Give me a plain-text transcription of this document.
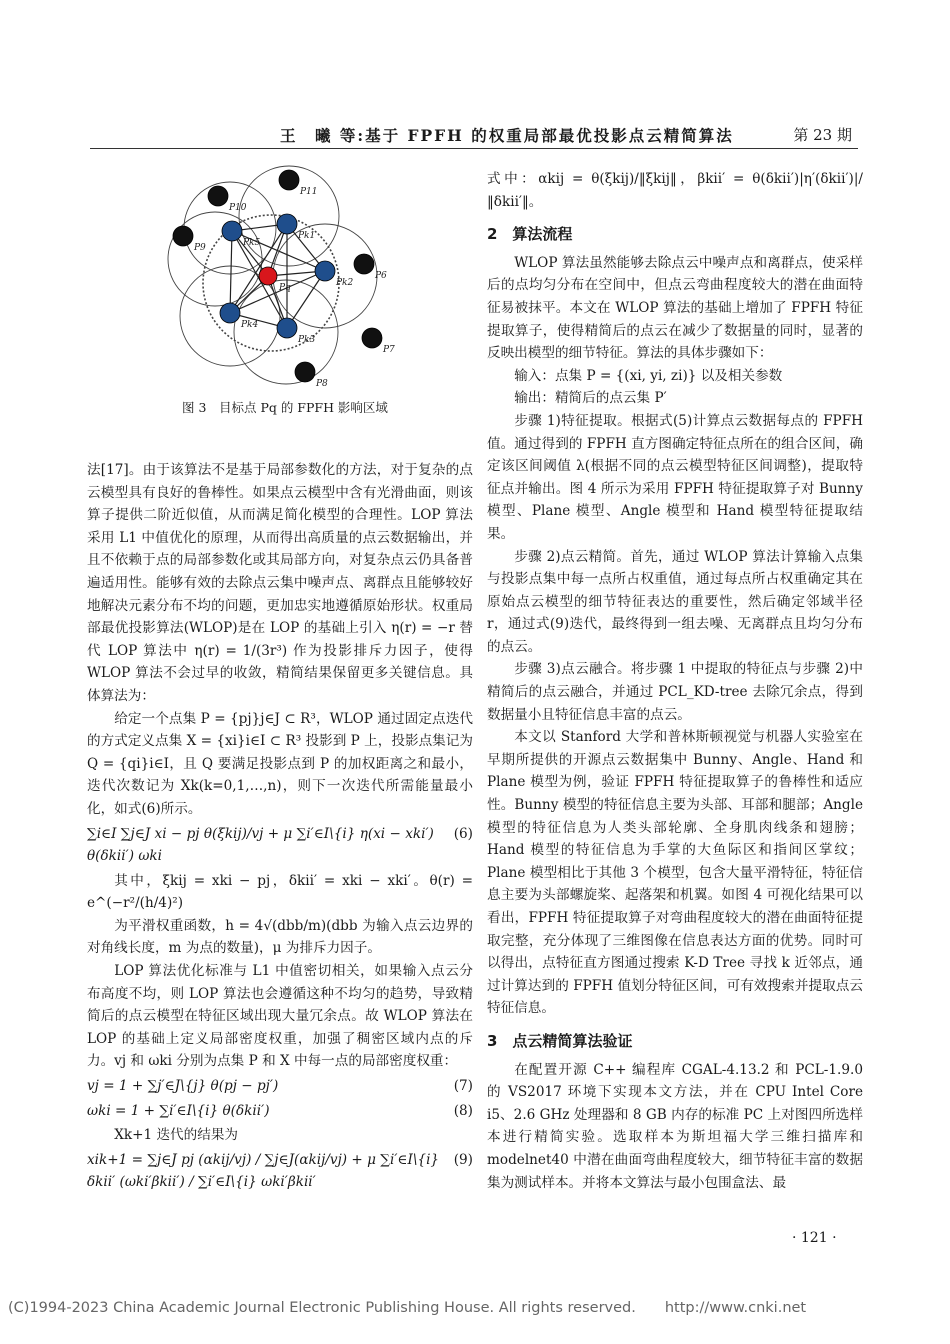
王　曦 等:基于 FPFH 的权重局部最优投影点云精简算法	第 23 期
P10
P11
P9
P6
P7
P8
Pk1
Pk2
Pk3
Pk4
Pk5
Pq
图 3　目标点 Pq 的 FPFH 影响区域

法[17]。由于该算法不是基于局部参数化的方法，对于复杂的点云模型具有良好的鲁棒性。如果点云模型中含有光滑曲面，则该算子提供二阶近似值，从而满足简化模型的合理性。LOP 算法采用 L1 中值优化的原理，从而得出高质量的点云数据输出，并且不依赖于点的局部参数化或其局部方向，对复杂点云仍具备普遍适用性。能够有效的去除点云集中噪声点、离群点且能够较好地解决元素分布不均的问题，更加忠实地遵循原始形状。权重局部最优投影算法(WLOP)是在 LOP 的基础上引入 η(r) = −r 替代 LOP 算法中 η(r) = 1/(3r³) 作为投影排斥力因子，使得 WLOP 算法不会过早的收敛，精简结果保留更多关键信息。具体算法为：

给定一个点集 P = {pj}j∈J ⊂ R³，WLOP 通过固定点迭代的方式定义点集 X = {xi}i∈I ⊂ R³ 投影到 P 上，投影点集记为 Q = {qi}i∈I，且 Q 要满足投影点到 P 的加权距离之和最小，迭代次数记为 Xk(k=0,1,…,n)，则下一次迭代所需能量最小化，如式(6)所示。

∑i∈I ∑j∈J xi − pj θ(ξkij)/vj + μ ∑i′∈I\{i} η(xi − xki′) θ(δkii′) ωki
(6)

其中，ξkij = xki − pj，δkii′ = xki − xki′。θ(r) = e^(−r²/(h/4)²)

为平滑权重函数，h = 4√(dbb/m)(dbb 为输入点云边界的对角线长度，m 为点的数量)，μ 为排斥力因子。

LOP 算法优化标准与 L1 中值密切相关，如果输入点云分布高度不均，则 LOP 算法也会遵循这种不均匀的趋势，导致精简后的点云模型在特征区域出现大量冗余点。故 WLOP 算法在 LOP 的基础上定义局部密度权重，加强了稠密区域内点的斥力。vj 和 ωki 分别为点集 P 和 X 中每一点的局部密度权重：

vj = 1 + ∑j′∈J\{j} θ(pj − pj′)	(7)
ωki = 1 + ∑i′∈I\{i} θ(δkii′)	(8)

Xk+1 迭代的结果为

xik+1 = ∑j∈J pj (αkij/vj) / ∑j∈J(αkij/vj) + μ ∑i′∈I\{i} δkii′ (ωki′βkii′) / ∑i′∈I\{i} ωki′βkii′
(9)

式中：αkij = θ(ξkij)/‖ξkij‖，βkii′ = θ(δkii′)|η′(δkii′)|/‖δkii′‖。

2　算法流程

WLOP 算法虽然能够去除点云中噪声点和离群点，使采样后的点均匀分布在空间中，但点云弯曲程度较大的潜在曲面特征易被抹平。本文在 WLOP 算法的基础上增加了 FPFH 特征提取算子，使得精简后的点云在减少了数据量的同时，显著的反映出模型的细节特征。算法的具体步骤如下：

输入：点集 P = {(xi, yi, zi)} 以及相关参数

输出：精简后的点云集 P′

步骤 1)特征提取。根据式(5)计算点云数据每点的 FPFH 值。通过得到的 FPFH 直方图确定特征点所在的组合区间，确定该区间阈值 λ(根据不同的点云模型特征区间调整)，提取特征点并输出。图 4 所示为采用 FPFH 特征提取算子对 Bunny 模型、Plane 模型、Angle 模型和 Hand 模型特征提取结果。

步骤 2)点云精简。首先，通过 WLOP 算法计算输入点集与投影点集中每一点所占权重值，通过每点所占权重确定其在原始点云模型的细节特征表达的重要性，然后确定邻域半径 r，通过式(9)迭代，最终得到一组去噪、无离群点且均匀分布的点云。

步骤 3)点云融合。将步骤 1 中提取的特征点与步骤 2)中精简后的点云融合，并通过 PCL_KD-tree 去除冗余点，得到数据量小且特征信息丰富的点云。

本文以 Stanford 大学和普林斯顿视觉与机器人实验室在早期所提供的开源点云数据集中 Bunny、Angle、Hand 和 Plane 模型为例，验证 FPFH 特征提取算子的鲁棒性和适应性。Bunny 模型的特征信息主要为头部、耳部和腿部；Angle 模型的特征信息为人类头部轮廓、全身肌肉线条和翅膀；Hand 模型的特征信息为手掌的大鱼际区和指间区掌纹；Plane 模型相比于其他 3 个模型，包含大量平滑特征，特征信息主要为头部螺旋桨、起落架和机翼。如图 4 可视化结果可以看出，FPFH 特征提取算子对弯曲程度较大的潜在曲面特征提取完整，充分体现了三维图像在信息表达方面的优势。同时可以得出，点特征直方图通过搜索 K-D Tree 寻找 k 近邻点，通过计算达到的 FPFH 值划分特征区间，可有效搜索并提取点云特征信息。

3　点云精简算法验证

在配置开源 C++ 编程库 CGAL-4.13.2 和 PCL-1.9.0 的 VS2017 环境下实现本文方法，并在 CPU Intel Core i5、2.6 GHz 处理器和 8 GB 内存的标准 PC 上对图四所选样本进行精简实验。选取样本为斯坦福大学三维扫描库和 modelnet40 中潜在曲面弯曲程度较大，细节特征丰富的数据集为测试样本。并将本文算法与最小包围盒法、最

· 121 ·
(C)1994-2023 China Academic Journal Electronic Publishing House. All rights reserved.　　http://www.cnki.net
